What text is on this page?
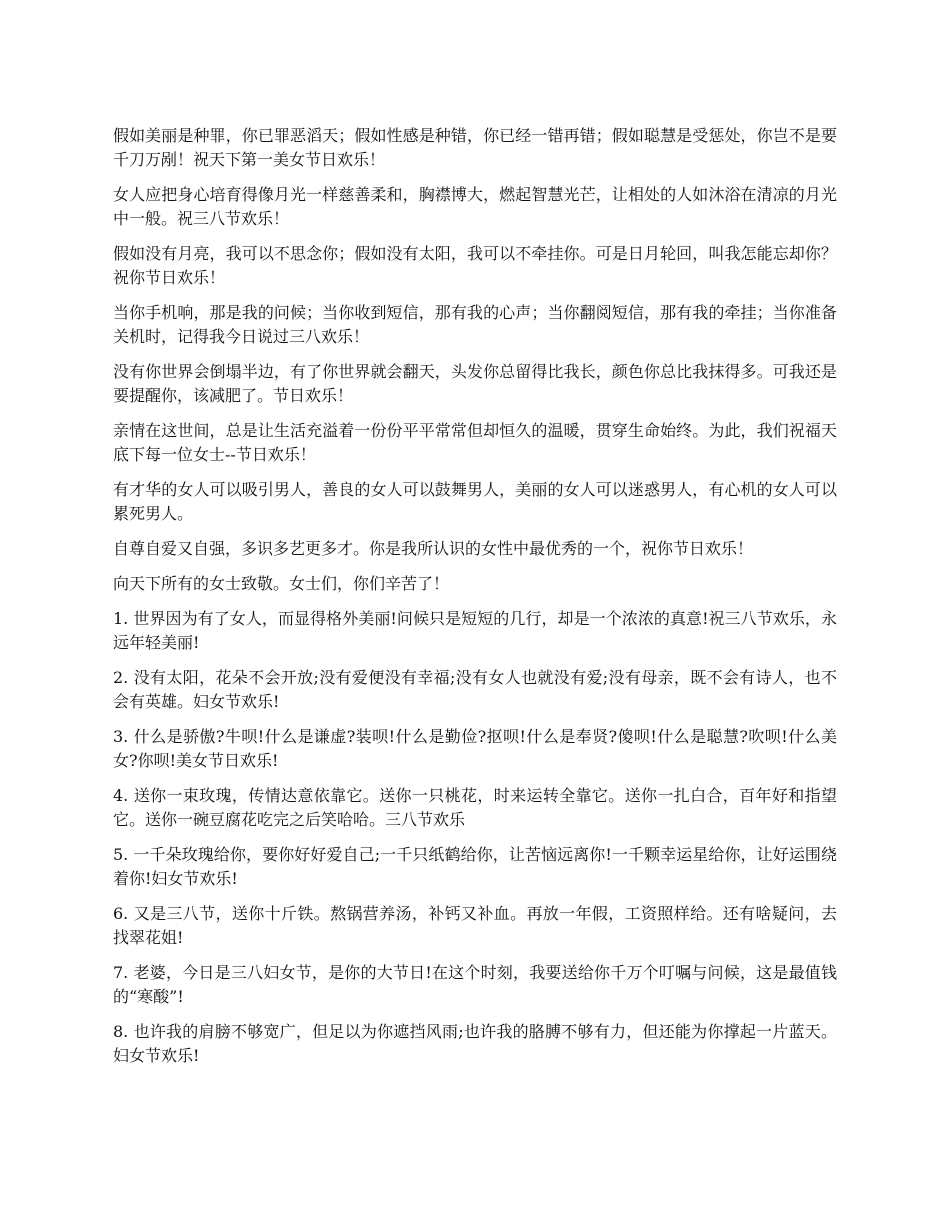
假如美丽是种罪，你已罪恶滔天；假如性感是种错，你已经一错再错；假如聪慧是受惩处，你岂不是要千刀万剐！祝天下第一美女节日欢乐！

女人应把身心培育得像月光一样慈善柔和，胸襟博大，燃起智慧光芒，让相处的人如沐浴在清凉的月光中一般。祝三八节欢乐！

假如没有月亮，我可以不思念你；假如没有太阳，我可以不牵挂你。可是日月轮回，叫我怎能忘却你？祝你节日欢乐！

当你手机响，那是我的问候；当你收到短信，那有我的心声；当你翻阅短信，那有我的牵挂；当你准备关机时，记得我今日说过三八欢乐！

没有你世界会倒塌半边，有了你世界就会翻天，头发你总留得比我长，颜色你总比我抹得多。可我还是要提醒你，该减肥了。节日欢乐！

亲情在这世间，总是让生活充溢着一份份平平常常但却恒久的温暖，贯穿生命始终。为此，我们祝福天底下每一位女士--节日欢乐！

有才华的女人可以吸引男人，善良的女人可以鼓舞男人，美丽的女人可以迷惑男人，有心机的女人可以累死男人。

自尊自爱又自强，多识多艺更多才。你是我所认识的女性中最优秀的一个，祝你节日欢乐！

向天下所有的女士致敬。女士们，你们辛苦了！

1. 世界因为有了女人，而显得格外美丽!问候只是短短的几行，却是一个浓浓的真意!祝三八节欢乐，永远年轻美丽!

2. 没有太阳，花朵不会开放;没有爱便没有幸福;没有女人也就没有爱;没有母亲，既不会有诗人，也不会有英雄。妇女节欢乐!

3. 什么是骄傲?牛呗!什么是谦虚?装呗!什么是勤俭?抠呗!什么是奉贤?傻呗!什么是聪慧?吹呗!什么美女?你呗!美女节日欢乐!

4. 送你一束玫瑰，传情达意依靠它。送你一只桃花，时来运转全靠它。送你一扎白合，百年好和指望它。送你一碗豆腐花吃完之后笑哈哈。三八节欢乐

5. 一千朵玫瑰给你，要你好好爱自己;一千只纸鹤给你，让苦恼远离你!一千颗幸运星给你，让好运围绕着你!妇女节欢乐!

6. 又是三八节，送你十斤铁。熬锅营养汤，补钙又补血。再放一年假，工资照样给。还有啥疑问，去找翠花姐!

7. 老婆，今日是三八妇女节，是你的大节日!在这个时刻，我要送给你千万个叮嘱与问候，这是最值钱的“寒酸”!

8. 也许我的肩膀不够宽广，但足以为你遮挡风雨;也许我的胳膊不够有力，但还能为你撑起一片蓝天。妇女节欢乐!
